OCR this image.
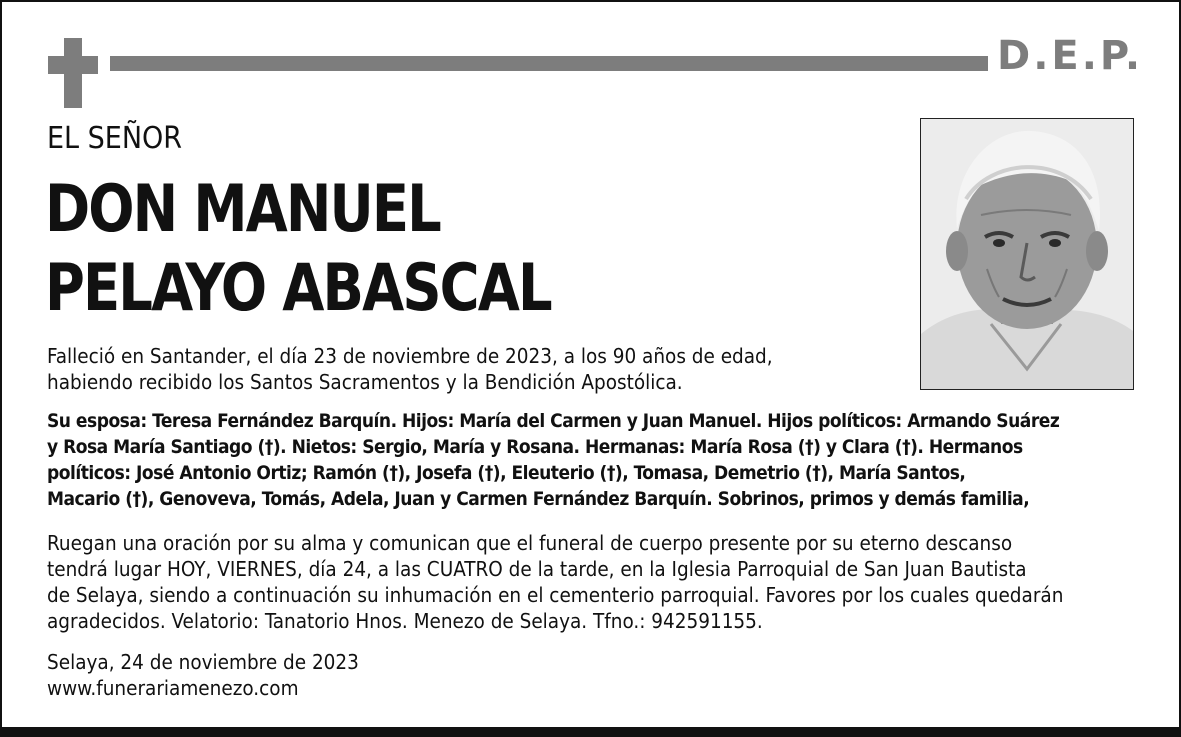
D.E.P.
EL SEÑOR
DON MANUEL
PELAYO ABASCAL
Falleció en Santander, el día 23 de noviembre de 2023, a los 90 años de edad,
habiendo recibido los Santos Sacramentos y la Bendición Apostólica.
Su esposa: Teresa Fernández Barquín. Hijos: María del Carmen y Juan Manuel. Hijos políticos: Armando Suárez
y Rosa María Santiago (†). Nietos: Sergio, María y Rosana. Hermanas: María Rosa (†) y Clara (†). Hermanos
políticos: José Antonio Ortiz; Ramón (†), Josefa (†), Eleuterio (†), Tomasa, Demetrio (†), María Santos,
Macario (†), Genoveva, Tomás, Adela, Juan y Carmen Fernández Barquín. Sobrinos, primos y demás familia,
Ruegan una oración por su alma y comunican que el funeral de cuerpo presente por su eterno descanso
tendrá lugar HOY, VIERNES, día 24, a las CUATRO de la tarde, en la Iglesia Parroquial de San Juan Bautista
de Selaya, siendo a continuación su inhumación en el cementerio parroquial. Favores por los cuales quedarán
agradecidos. Velatorio: Tanatorio Hnos. Menezo de Selaya. Tfno.: 942591155.
Selaya, 24 de noviembre de 2023
www.funerariamenezo.com
